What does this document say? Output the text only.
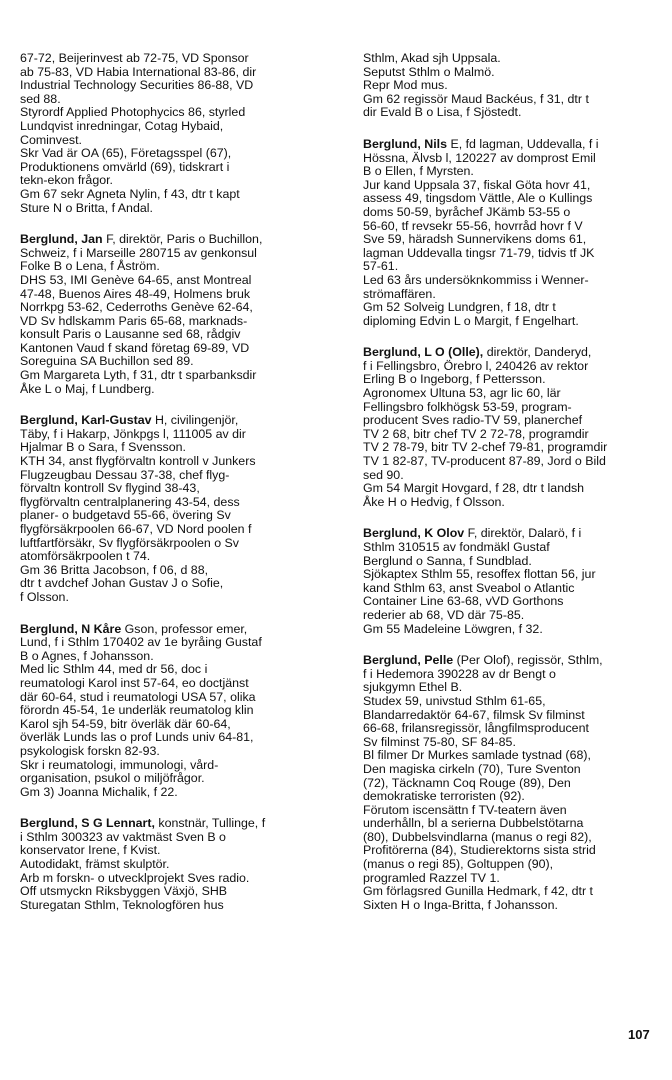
67-72, Beijerinvest ab 72-75, VD Sponsor

ab 75-83, VD Habia International 83-86, dir

Industrial Technology Securities 86-88, VD

sed 88.

Styrordf Applied Photophycics 86, styrled

Lundqvist inredningar, Cotag Hybaid,

Cominvest.

Skr Vad är OA (65), Företagsspel (67),

Produktionens omvärld (69), tidskrart i

tekn-ekon frågor.

Gm 67 sekr Agneta Nylin, f 43, dtr t kapt

Sture N o Britta, f Andal.

Berglund, Jan F, direktör, Paris o Buchillon,

Schweiz, f i Marseille 280715 av genkonsul

Folke B o Lena, f Åström.

DHS 53, IMI Genève 64-65, anst Montreal

47-48, Buenos Aires 48-49, Holmens bruk

Norrkpg 53-62, Cederroths Genève 62-64,

VD Sv hdlskamm Paris 65-68, marknads-

konsult Paris o Lausanne sed 68, rådgiv

Kantonen Vaud f skand företag 69-89, VD

Soreguina SA Buchillon sed 89.

Gm Margareta Lyth, f 31, dtr t sparbanksdir

Åke L o Maj, f Lundberg.

Berglund, Karl-Gustav H, civilingenjör,

Täby, f i Hakarp, Jönkpgs l, 111005 av dir

Hjalmar B o Sara, f Svensson.

KTH 34, anst flygförvaltn kontroll v Junkers

Flugzeugbau Dessau 37-38, chef flyg-

förvaltn kontroll Sv flygind 38-43,

flygförvaltn centralplanering 43-54, dess

planer- o budgetavd 55-66, övering Sv

flygförsäkrpoolen 66-67, VD Nord poolen f

luftfartförsäkr, Sv flygförsäkrpoolen o Sv

atomförsäkrpoolen t 74.

Gm 36 Britta Jacobson, f 06, d 88,

dtr t avdchef Johan Gustav J o Sofie,

f Olsson.

Berglund, N Kåre Gson, professor emer,

Lund, f i Sthlm 170402 av 1e byråing Gustaf

B o Agnes, f Johansson.

Med lic Sthlm 44, med dr 56, doc i

reumatologi Karol inst 57-64, eo doctjänst

där 60-64, stud i reumatologi USA 57, olika

förordn 45-54, 1e underläk reumatolog klin

Karol sjh 54-59, bitr överläk där 60-64,

överläk Lunds las o prof Lunds univ 64-81,

psykologisk forskn 82-93.

Skr i reumatologi, immunologi, vård-

organisation, psukol o miljöfrågor.

Gm 3) Joanna Michalik, f 22.

Berglund, S G Lennart, konstnär, Tullinge, f

i Sthlm 300323 av vaktmäst Sven B o

konservator Irene, f Kvist.

Autodidakt, främst skulptör.

Arb m forskn- o utvecklprojekt Sves radio.

Off utsmyckn Riksbyggen Växjö, SHB

Sturegatan Sthlm, Teknologfören hus

Sthlm, Akad sjh Uppsala.

Seputst Sthlm o Malmö.

Repr Mod mus.

Gm 62 regissör Maud Backéus, f 31, dtr t

dir Evald B o Lisa, f Sjöstedt.

Berglund, Nils E, fd lagman, Uddevalla, f i

Hössna, Älvsb l, 120227 av domprost Emil

B o Ellen, f Myrsten.

Jur kand Uppsala 37, fiskal Göta hovr 41,

assess 49, tingsdom Vättle, Ale o Kullings

doms 50-59, byråchef JKämb 53-55 o

56-60, tf revsekr 55-56, hovrråd hovr f V

Sve 59, häradsh Sunnervikens doms 61,

lagman Uddevalla tingsr 71-79, tidvis tf JK

57-61.

Led 63 års undersöknkommiss i Wenner-

strömaffären.

Gm 52 Solveig Lundgren, f 18, dtr t

diploming Edvin L o Margit, f Engelhart.

Berglund, L O (Olle), direktör, Danderyd,

f i Fellingsbro, Örebro l, 240426 av rektor

Erling B o Ingeborg, f Pettersson.

Agronomex Ultuna 53, agr lic 60, lär

Fellingsbro folkhögsk 53-59, program-

producent Sves radio-TV 59, planerchef

TV 2 68, bitr chef TV 2 72-78, programdir

TV 2 78-79, bitr TV 2-chef 79-81, programdir

TV 1 82-87, TV-producent 87-89, Jord o Bild

sed 90.

Gm 54 Margit Hovgard, f 28, dtr t landsh

Åke H o Hedvig, f Olsson.

Berglund, K Olov F, direktör, Dalarö, f i

Sthlm 310515 av fondmäkl Gustaf

Berglund o Sanna, f Sundblad.

Sjökaptex Sthlm 55, resoffex flottan 56, jur

kand Sthlm 63, anst Sveabol o Atlantic

Container Line 63-68, vVD Gorthons

rederier ab 68, VD där 75-85.

Gm 55 Madeleine Löwgren, f 32.

Berglund, Pelle (Per Olof), regissör, Sthlm,

f i Hedemora 390228 av dr Bengt o

sjukgymn Ethel B.

Studex 59, univstud Sthlm 61-65,

Blandarredaktör 64-67, filmsk Sv filminst

66-68, frilansregissör, långfilmsproducent

Sv filminst 75-80, SF 84-85.

Bl filmer Dr Murkes samlade tystnad (68),

Den magiska cirkeln (70), Ture Sventon

(72), Täcknamn Coq Rouge (89), Den

demokratiske terroristen (92).

Förutom iscensättn f TV-teatern även

underhålln, bl a serierna Dubbelstötarna

(80), Dubbelsvindlarna (manus o regi 82),

Profitörerna (84), Studierektorns sista strid

(manus o regi 85), Goltuppen (90),

programled Razzel TV 1.

Gm förlagsred Gunilla Hedmark, f 42, dtr t

Sixten H o Inga-Britta, f Johansson.

107
